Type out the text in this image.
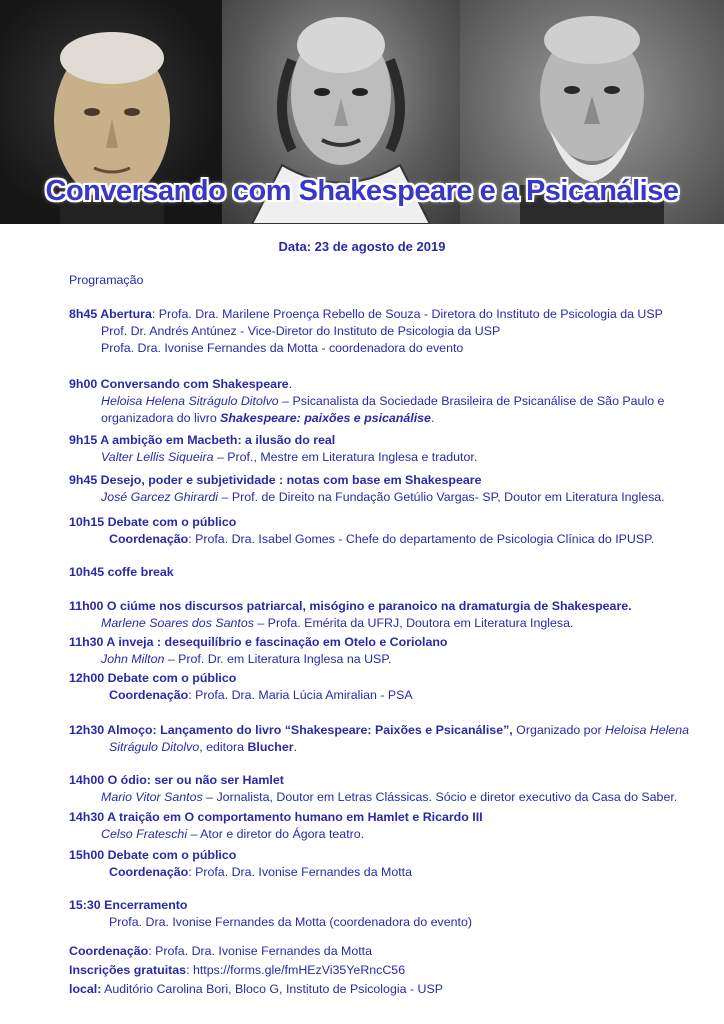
Conversando com Shakespeare e a Psicanálise
Data: 23 de agosto de 2019
Programação
8h45 Abertura: Profa. Dra. Marilene Proença Rebello de Souza - Diretora do Instituto de Psicologia da USP
Prof. Dr. Andrés Antúnez - Vice-Diretor do Instituto de Psicologia da USP
Profa. Dra. Ivonise Fernandes da Motta - coordenadora do evento
9h00 Conversando com Shakespeare.
Heloisa Helena Sitrágulo Ditolvo – Psicanalista da Sociedade Brasileira de Psicanálise de São Paulo e
organizadora do livro Shakespeare: paixões e psicanálise.
9h15 A ambição em Macbeth: a ilusão do real
Valter Lellis Siqueira – Prof., Mestre em Literatura Inglesa e tradutor.
9h45 Desejo, poder e subjetividade : notas com base em Shakespeare
José Garcez Ghirardi – Prof. de Direito na Fundação Getúlio Vargas- SP, Doutor em Literatura Inglesa.
10h15 Debate com o público
Coordenação: Profa. Dra. Isabel Gomes - Chefe do departamento de Psicologia Clínica do IPUSP.
10h45 coffe break
11h00 O ciúme nos discursos patriarcal, misógino e paranoico na dramaturgia de Shakespeare.
Marlene Soares dos Santos – Profa. Emérita da UFRJ, Doutora em Literatura Inglesa.
11h30 A inveja : desequilíbrio e fascinação em Otelo e Coriolano
John Milton – Prof. Dr. em Literatura Inglesa na USP.
12h00 Debate com o público
Coordenação: Profa. Dra. Maria Lúcia Amiralian - PSA
12h30 Almoço: Lançamento do livro “Shakespeare: Paixões e Psicanálise”, Organizado por Heloisa Helena
Sitrágulo Ditolvo, editora Blucher.
14h00 O ódio: ser ou não ser Hamlet
Mario Vitor Santos – Jornalista, Doutor em Letras Clássicas. Sócio e diretor executivo da Casa do Saber.
14h30 A traição em O comportamento humano em Hamlet e Ricardo III
Celso Frateschi – Ator e diretor do Ágora teatro.
15h00 Debate com o público
Coordenação: Profa. Dra. Ivonise Fernandes da Motta
15:30 Encerramento
Profa. Dra. Ivonise Fernandes da Motta (coordenadora do evento)
Coordenação: Profa. Dra. Ivonise Fernandes da Motta
Inscrições gratuitas: https://forms.gle/fmHEzVi35YeRncC56
local: Auditório Carolina Bori, Bloco G, Instituto de Psicologia - USP
